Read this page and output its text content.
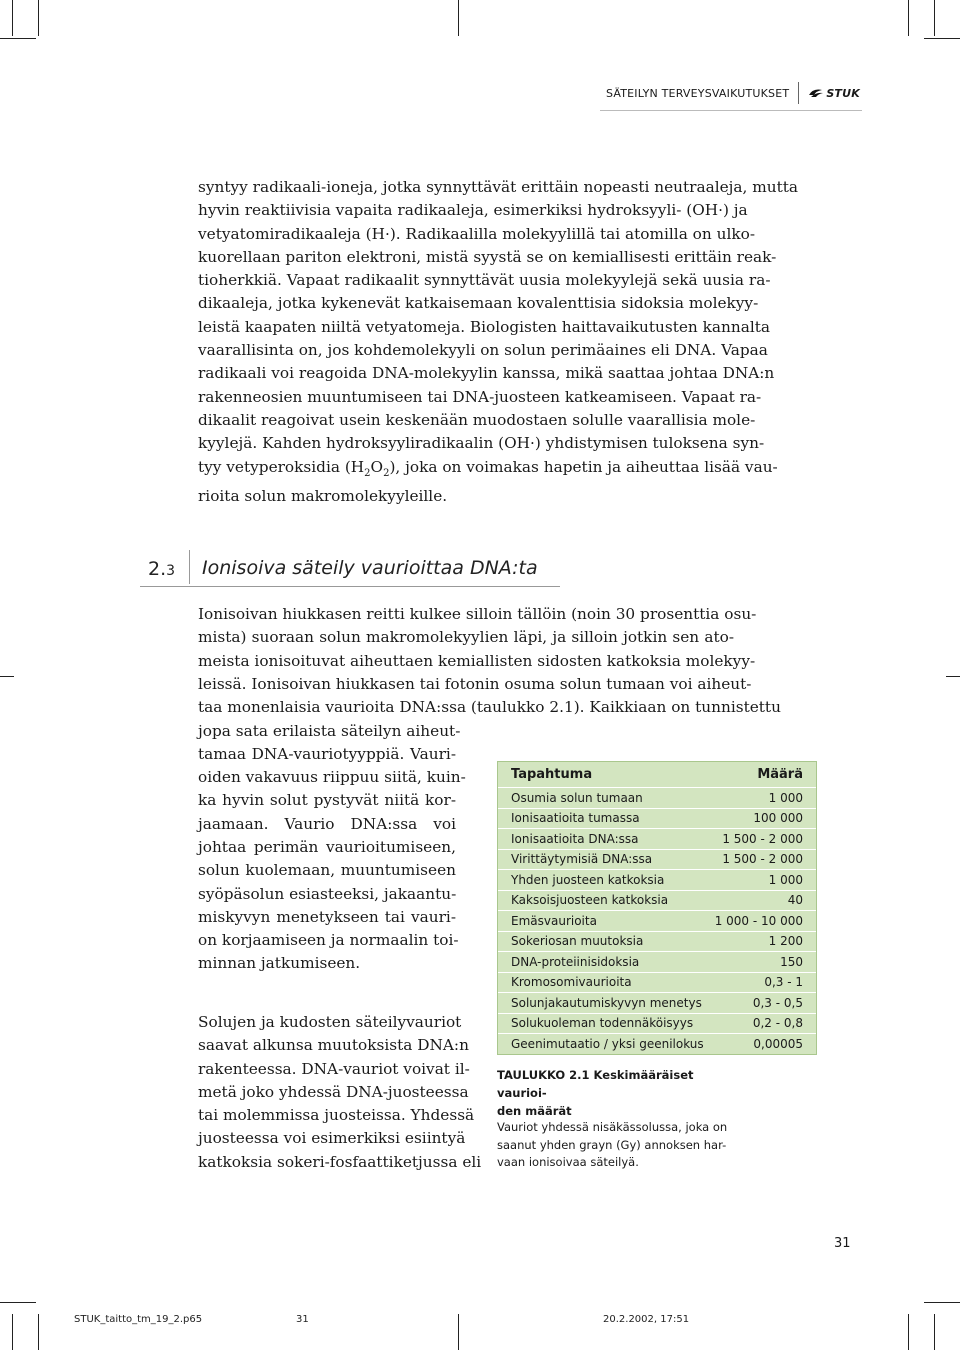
SÄTEILYN TERVEYSVAIKUTUKSET	STUK
syntyy radikaali-ioneja, jotka synnyttävät erittäin nopeasti neutraaleja, mutta
hyvin reaktiivisia vapaita radikaaleja, esimerkiksi hydroksyyli- (OH·) ja
vetyatomiradikaaleja (H·). Radikaalilla molekyylillä tai atomilla on ulko-
kuorellaan pariton elektroni, mistä syystä se on kemiallisesti erittäin reak-
tioherkkiä. Vapaat radikaalit synnyttävät uusia molekyylejä sekä uusia ra-
dikaaleja, jotka kykenevät katkaisemaan kovalenttisia sidoksia molekyy-
leistä kaapaten niiltä vetyatomeja. Biologisten haittavaikutusten kannalta
vaarallisinta on, jos kohdemolekyyli on solun perimäaines eli DNA. Vapaa
radikaali voi reagoida DNA-molekyylin kanssa, mikä saattaa johtaa DNA:n
rakenneosien muuntumiseen tai DNA-juosteen katkeamiseen. Vapaat ra-
dikaalit reagoivat usein keskenään muodostaen solulle vaarallisia mole-
kyylejä. Kahden hydroksyyliradikaalin (OH·) yhdistymisen tuloksena syn-
tyy vetyperoksidia $(H_2O_2)$, joka on voimakas hapetin ja aiheuttaa lisää vau-
rioita solun makromolekyyleille.
2.3 Ionisoiva säteily vaurioittaa DNA:ta
Ionisoivan hiukkasen reitti kulkee silloin tällöin (noin 30 prosenttia osu-
mista) suoraan solun makromolekyylien läpi, ja silloin jotkin sen ato-
meista ionisoituvat aiheuttaen kemiallisten sidosten katkoksia molekyy-
leissä. Ionisoivan hiukkasen tai fotonin osuma solun tumaan voi aiheut-
taa monenlaisia vaurioita DNA:ssa (taulukko 2.1). Kaikkiaan on tunnistettu
jopa sata erilaista säteilyn aiheut-
tamaa DNA-vauriotyyppiä. Vauri-
oiden vakavuus riippuu siitä, kuin-
ka hyvin solut pystyvät niitä kor-
jaamaan. Vaurio DNA:ssa voi
johtaa perimän vaurioitumiseen,
solun kuolemaan, muuntumiseen
syöpäsolun esiasteeksi, jakaantu-
miskyvyn menetykseen tai vauri-
on korjaamiseen ja normaalin toi-
minnan jatkumiseen.
Solujen ja kudosten säteilyvauriot
saavat alkunsa muutoksista DNA:n
rakenteessa. DNA-vauriot voivat il-
metä joko yhdessä DNA-juosteessa
tai molemmissa juosteissa. Yhdessä
juosteessa voi esimerkiksi esiintyä
katkoksia sokeri-fosfaattiketjussa eli
Tapahtuma	Määrä
Osumia solun tumaan	1 000
Ionisaatioita tumassa	100 000
Ionisaatioita DNA:ssa	1 500 - 2 000
Virittäytymisiä DNA:ssa	1 500 - 2 000
Yhden juosteen katkoksia	1 000
Kaksoisjuosteen katkoksia	40
Emäsvaurioita	1 000 - 10 000
Sokeriosan muutoksia	1 200
DNA-proteiinisidoksia	150
Kromosomivaurioita	0,3 - 1
Solunjakautumiskyvyn menetys	0,3 - 0,5
Solukuoleman todennäköisyys	0,2 - 0,8
Geenimutaatio / yksi geenilokus	0,00005
TAULUKKO 2.1 Keskimääräiset vaurioi-
den määrät
Vauriot yhdessä nisäkässolussa, joka on
saanut yhden grayn (Gy) annoksen har-
vaan ionisoivaa säteilyä.
31
STUK_taitto_tm_19_2.p65	31	20.2.2002, 17:51
